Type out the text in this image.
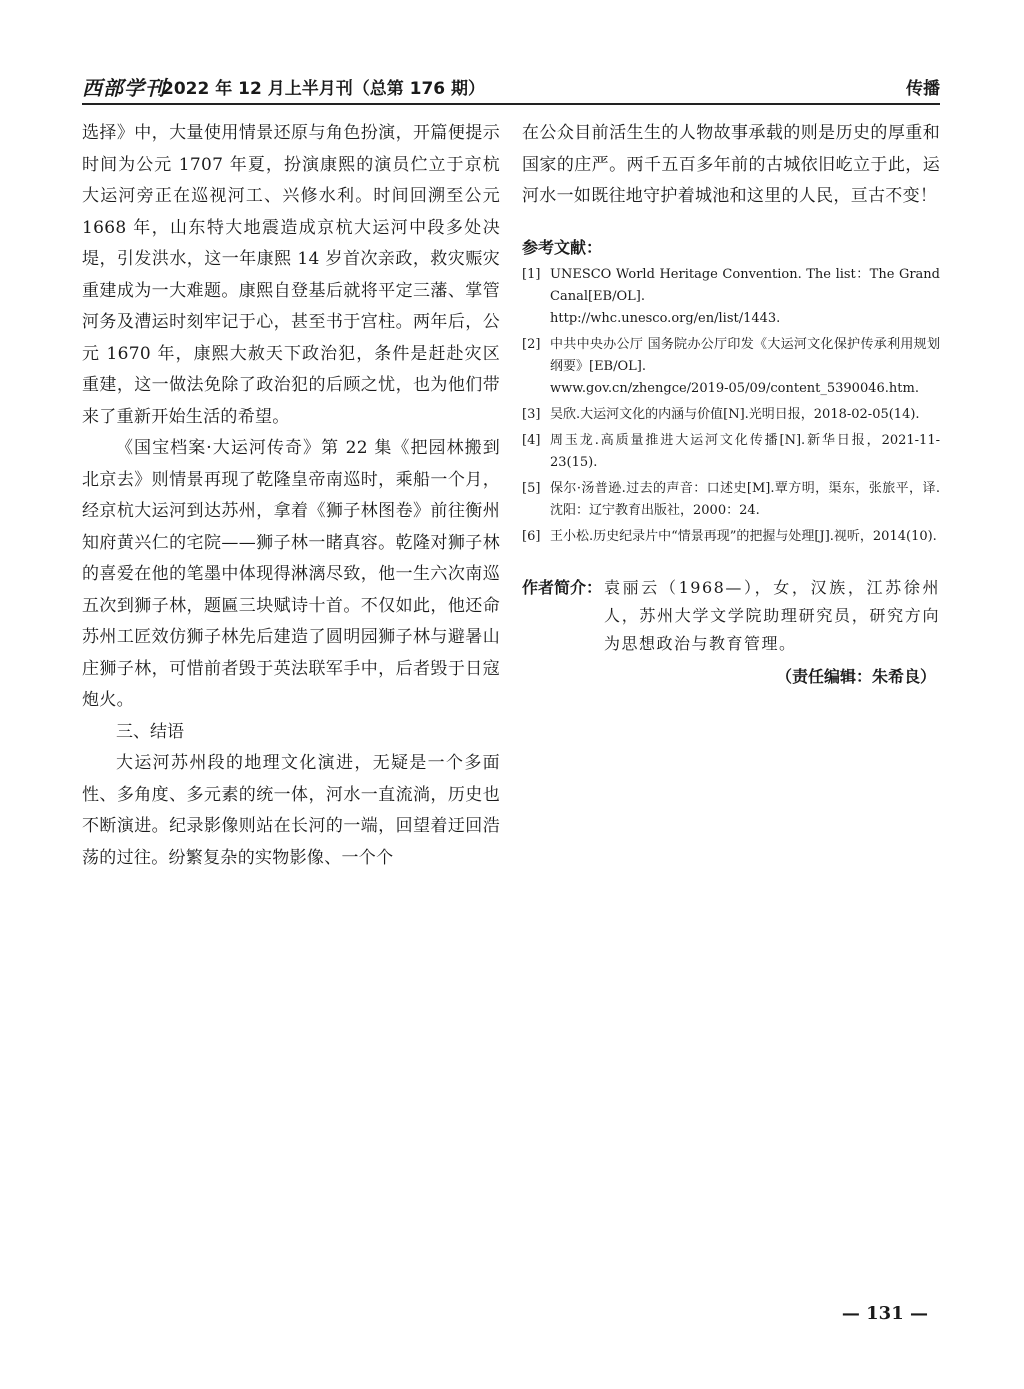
西部学刊
2022 年 12 月上半月刊（总第 176 期）	传播

选择》中，大量使用情景还原与角色扮演，开篇便提示时间为公元 1707 年夏，扮演康熙的演员伫立于京杭大运河旁正在巡视河工、兴修水利。时间回溯至公元 1668 年，山东特大地震造成京杭大运河中段多处决堤，引发洪水，这一年康熙 14 岁首次亲政，救灾赈灾重建成为一大难题。康熙自登基后就将平定三藩、掌管河务及漕运时刻牢记于心，甚至书于宫柱。两年后，公元 1670 年，康熙大赦天下政治犯，条件是赶赴灾区重建，这一做法免除了政治犯的后顾之忧，也为他们带来了重新开始生活的希望。

《国宝档案·大运河传奇》第 22 集《把园林搬到北京去》则情景再现了乾隆皇帝南巡时，乘船一个月，经京杭大运河到达苏州，拿着《狮子林图卷》前往衡州知府黄兴仁的宅院——狮子林一睹真容。乾隆对狮子林的喜爱在他的笔墨中体现得淋漓尽致，他一生六次南巡五次到狮子林，题匾三块赋诗十首。不仅如此，他还命苏州工匠效仿狮子林先后建造了圆明园狮子林与避暑山庄狮子林，可惜前者毁于英法联军手中，后者毁于日寇炮火。

三、结语

大运河苏州段的地理文化演进，无疑是一个多面性、多角度、多元素的统一体，河水一直流淌，历史也不断演进。纪录影像则站在长河的一端，回望着迂回浩荡的过往。纷繁复杂的实物影像、一个个

在公众目前活生生的人物故事承载的则是历史的厚重和国家的庄严。两千五百多年前的古城依旧屹立于此，运河水一如既往地守护着城池和这里的人民，亘古不变！

参考文献：
[1] UNESCO World Heritage Convention. The list：The Grand Canal[EB/OL].
http://whc.unesco.org/en/list/1443.
[2] 中共中央办公厅 国务院办公厅印发《大运河文化保护传承利用规划纲要》[EB/OL].
www.gov.cn/zhengce/2019-05/09/content_5390046.htm.
[3] 吴欣.大运河文化的内涵与价值[N].光明日报，2018-02-05(14).
[4] 周玉龙.高质量推进大运河文化传播[N].新华日报，2021-11-23(15).
[5] 保尔·汤普逊.过去的声音：口述史[M].覃方明，渠东，张旅平，译.沈阳：辽宁教育出版社，2000：24.
[6] 王小松.历史纪录片中“情景再现”的把握与处理[J].视听，2014(10).
作者简介： 袁丽云（1968—），女，汉族，江苏徐州人，苏州大学文学院助理研究员，研究方向为思想政治与教育管理。

（责任编辑：朱希良）
— 131 —
